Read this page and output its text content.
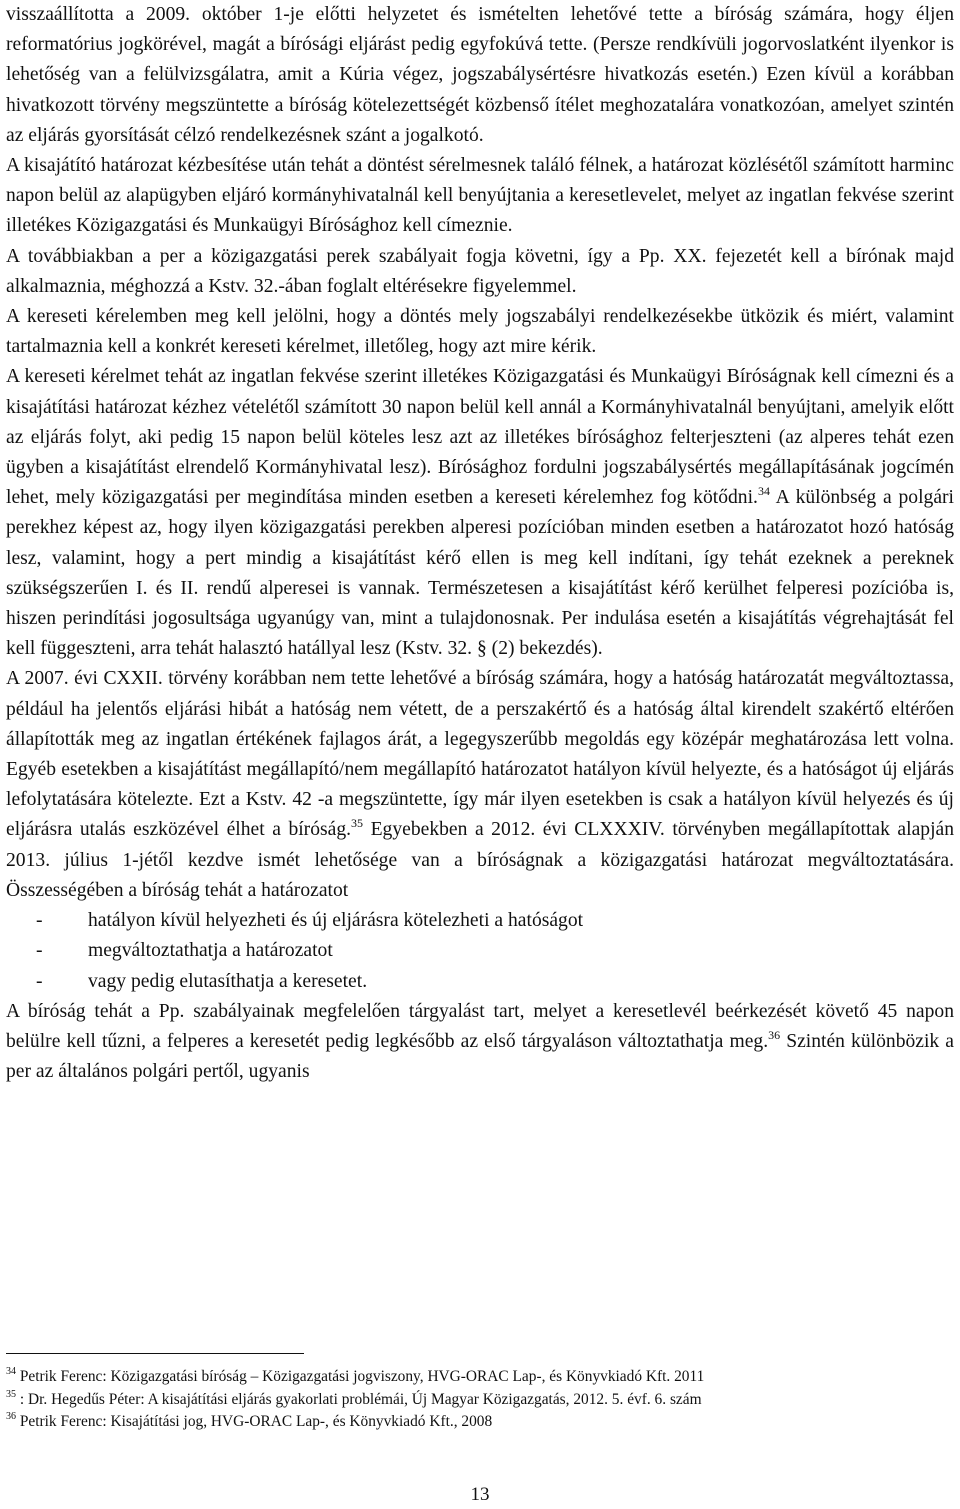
visszaállította a 2009. október 1-je előtti helyzetet és ismételten lehetővé tette a bíróság számára, hogy éljen reformatórius jogkörével, magát a bírósági eljárást pedig egyfokúvá tette. (Persze rendkívüli jogorvoslatként ilyenkor is lehetőség van a felülvizsgálatra, amit a Kúria végez, jogszabálysértésre hivatkozás esetén.) Ezen kívül a korábban hivatkozott törvény megszüntette a bíróság kötelezettségét közbenső ítélet meghozatalára vonatkozóan, amelyet szintén az eljárás gyorsítását célzó rendelkezésnek szánt a jogalkotó.

A kisajátító határozat kézbesítése után tehát a döntést sérelmesnek találó félnek, a határozat közlésétől számított harminc napon belül az alapügyben eljáró kormányhivatalnál kell benyújtania a keresetlevelet, melyet az ingatlan fekvése szerint illetékes Közigazgatási és Munkaügyi Bírósághoz kell címeznie.

A továbbiakban a per a közigazgatási perek szabályait fogja követni, így a Pp. XX. fejezetét kell a bírónak majd alkalmaznia, méghozzá a Kstv. 32.-ában foglalt eltérésekre figyelemmel.

A kereseti kérelemben meg kell jelölni, hogy a döntés mely jogszabályi rendelkezésekbe ütközik és miért, valamint tartalmaznia kell a konkrét kereseti kérelmet, illetőleg, hogy azt mire kérik.

A kereseti kérelmet tehát az ingatlan fekvése szerint illetékes Közigazgatási és Munkaügyi Bíróságnak kell címezni és a kisajátítási határozat kézhez vételétől számított 30 napon belül kell annál a Kormányhivatalnál benyújtani, amelyik előtt az eljárás folyt, aki pedig 15 napon belül köteles lesz azt az illetékes bírósághoz felterjeszteni (az alperes tehát ezen ügyben a kisajátítást elrendelő Kormányhivatal lesz). Bírósághoz fordulni jogszabálysértés megállapításának jogcímén lehet, mely közigazgatási per megindítása minden esetben a kereseti kérelemhez fog kötődni.$^{34}$ A különbség a polgári perekhez képest az, hogy ilyen közigazgatási perekben alperesi pozícióban minden esetben a határozatot hozó hatóság lesz, valamint, hogy a pert mindig a kisajátítást kérő ellen is meg kell indítani, így tehát ezeknek a pereknek szükségszerűen I. és II. rendű alperesei is vannak. Természetesen a kisajátítást kérő kerülhet felperesi pozícióba is, hiszen perindítási jogosultsága ugyanúgy van, mint a tulajdonosnak. Per indulása esetén a kisajátítás végrehajtását fel kell függeszteni, arra tehát halasztó hatállyal lesz (Kstv. 32. § (2) bekezdés).

A 2007. évi CXXII. törvény korábban nem tette lehetővé a bíróság számára, hogy a hatóság határozatát megváltoztassa, például ha jelentős eljárási hibát a hatóság nem vétett, de a perszakértő és a hatóság által kirendelt szakértő eltérően állapították meg az ingatlan értékének fajlagos árát, a legegyszerűbb megoldás egy középár meghatározása lett volna. Egyéb esetekben a kisajátítást megállapító/nem megállapító határozatot hatályon kívül helyezte, és a hatóságot új eljárás lefolytatására kötelezte. Ezt a Kstv. 42 -a megszüntette, így már ilyen esetekben is csak a hatályon kívül helyezés és új eljárásra utalás eszközével élhet a bíróság.$^{35}$ Egyebekben a 2012. évi CLXXXIV. törvényben megállapítottak alapján 2013. július 1-jétől kezdve ismét lehetősége van a bíróságnak a közigazgatási határozat megváltoztatására. Összességében a bíróság tehát a határozatot

-	hatályon kívül helyezheti és új eljárásra kötelezheti a hatóságot
-	megváltoztathatja a határozatot
-	vagy pedig elutasíthatja a keresetet.

A bíróság tehát a Pp. szabályainak megfelelően tárgyalást tart, melyet a keresetlevél beérkezését követő 45 napon belülre kell tűzni, a felperes a keresetét pedig legkésőbb az első tárgyaláson változtathatja meg.$^{36}$ Szintén különbözik a per az általános polgári pertől, ugyanis

$^{34}$ Petrik Ferenc: Közigazgatási bíróság – Közigazgatási jogviszony, HVG-ORAC Lap-, és Könyvkiadó Kft. 2011

$^{35}$ : Dr. Hegedűs Péter: A kisajátítási eljárás gyakorlati problémái, Új Magyar Közigazgatás, 2012. 5. évf. 6. szám

$^{36}$ Petrik Ferenc: Kisajátítási jog, HVG-ORAC Lap-, és Könyvkiadó Kft., 2008

13
